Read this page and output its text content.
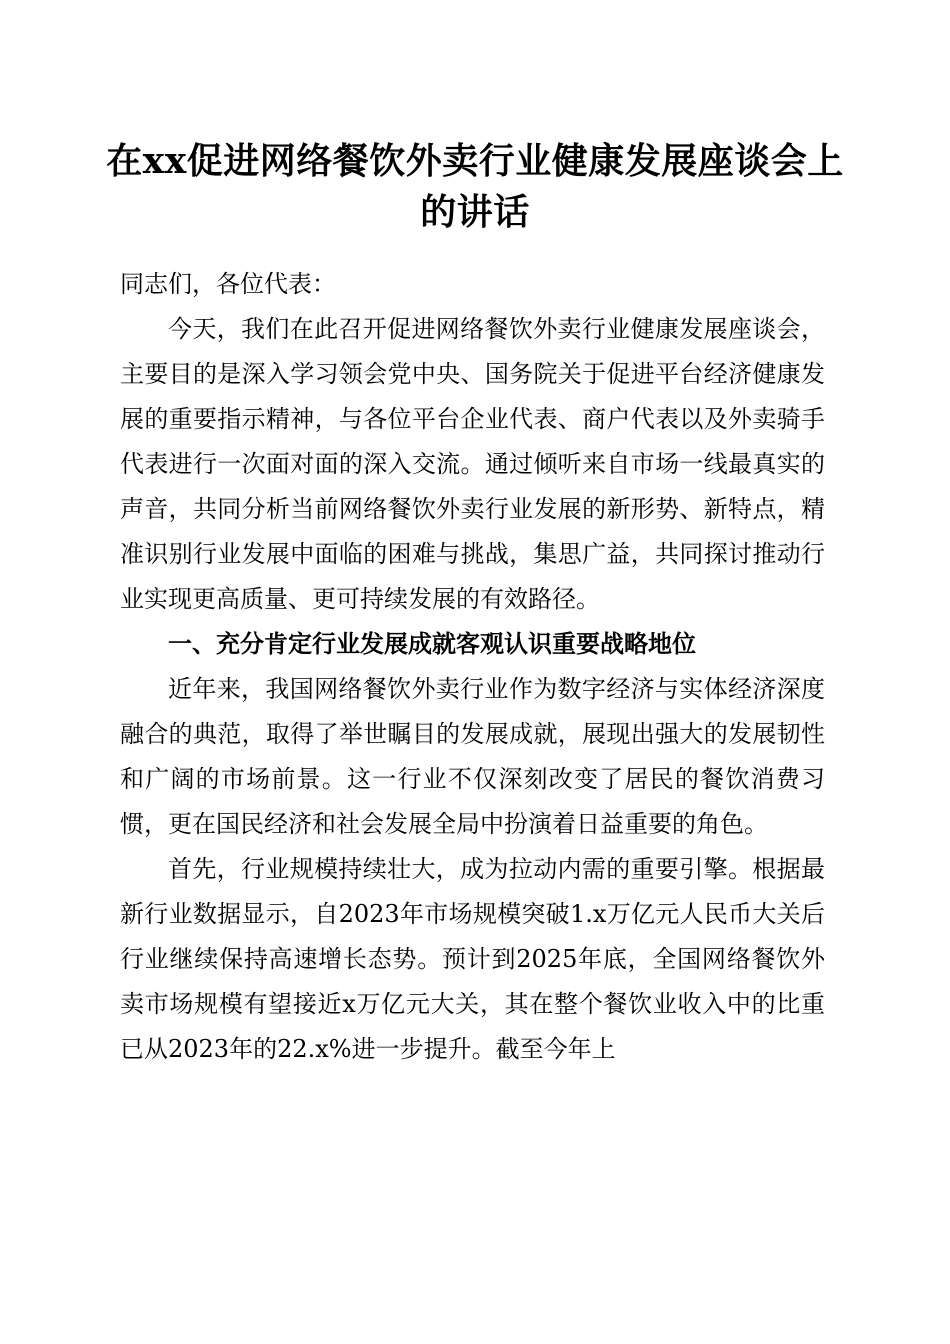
在xx促进网络餐饮外卖行业健康发展座谈会上的讲话

同志们，各位代表：

今天，我们在此召开促进网络餐饮外卖行业健康发展座谈会，主要目的是深入学习领会党中央、国务院关于促进平台经济健康发展的重要指示精神，与各位平台企业代表、商户代表以及外卖骑手代表进行一次面对面的深入交流。通过倾听来自市场一线最真实的声音，共同分析当前网络餐饮外卖行业发展的新形势、新特点，精准识别行业发展中面临的困难与挑战，集思广益，共同探讨推动行业实现更高质量、更可持续发展的有效路径。

一、充分肯定行业发展成就客观认识重要战略地位

近年来，我国网络餐饮外卖行业作为数字经济与实体经济深度融合的典范，取得了举世瞩目的发展成就，展现出强大的发展韧性和广阔的市场前景。这一行业不仅深刻改变了居民的餐饮消费习惯，更在国民经济和社会发展全局中扮演着日益重要的角色。

首先，行业规模持续壮大，成为拉动内需的重要引擎。根据最新行业数据显示，自2023年市场规模突破1.x万亿元人民币大关后行业继续保持高速增长态势。预计到2025年底，全国网络餐饮外卖市场规模有望接近x万亿元大关，其在整个餐饮业收入中的比重已从2023年的22.x%进一步提升。截至今年上
